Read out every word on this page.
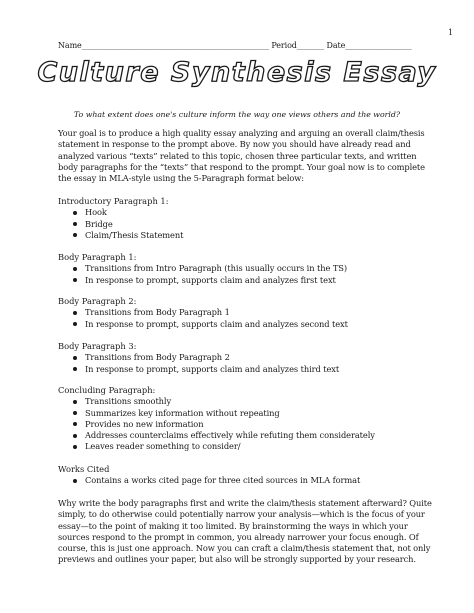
1
Name________________________________________________ Period_______ Date_________________
Culture Synthesis Essay
To what extent does one's culture inform the way one views others and the world?
Your goal is to produce a high quality essay analyzing and arguing an overall claim/thesis
statement in response to the prompt above. By now you should have already read and
analyzed various “texts” related to this topic, chosen three particular texts, and written
body paragraphs for the “texts” that respond to the prompt. Your goal now is to complete
the essay in MLA-style using the 5-Paragraph format below:
Introductory Paragraph 1:
Hook
Bridge
Claim/Thesis Statement
Body Paragraph 1:
Transitions from Intro Paragraph (this usually occurs in the TS)
In response to prompt, supports claim and analyzes first text
Body Paragraph 2:
Transitions from Body Paragraph 1
In response to prompt, supports claim and analyzes second text
Body Paragraph 3:
Transitions from Body Paragraph 2
In response to prompt, supports claim and analyzes third text
Concluding Paragraph:
Transitions smoothly
Summarizes key information without repeating
Provides no new information
Addresses counterclaims effectively while refuting them considerately
Leaves reader something to consider/
Works Cited
Contains a works cited page for three cited sources in MLA format
Why write the body paragraphs first and write the claim/thesis statement afterward? Quite
simply, to do otherwise could potentially narrow your analysis—which is the focus of your
essay—to the point of making it too limited. By brainstorming the ways in which your
sources respond to the prompt in common, you already narrower your focus enough. Of
course, this is just one approach. Now you can craft a claim/thesis statement that, not only
previews and outlines your paper, but also will be strongly supported by your research.
